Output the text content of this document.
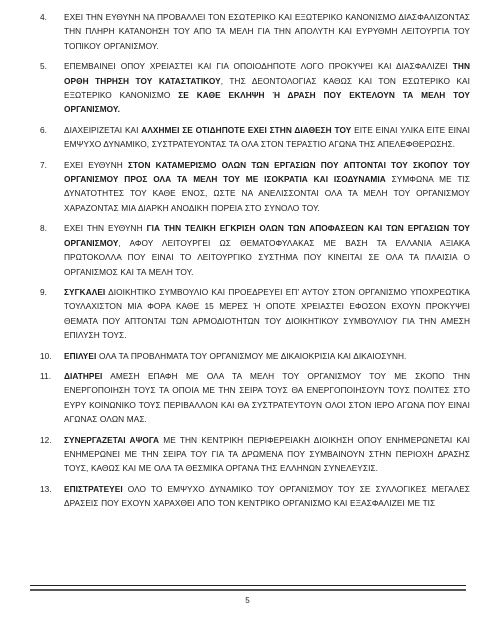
4.	ΕΧΕΙ ΤΗΝ ΕΥΘΥΝΗ ΝΑ ΠΡΟΒΑΛΛΕΙ ΤΟΝ ΕΣΩΤΕΡΙΚΟ ΚΑΙ ΕΞΩΤΕΡΙΚΟ ΚΑΝΟΝΙΣΜΟ ΔΙΑΣΦΑΛΙΖΟΝΤΑΣ ΤΗΝ ΠΛΗΡΗ ΚΑΤΑΝΟΗΣΗ ΤΟΥ ΑΠΟ ΤΑ ΜΕΛΗ ΓΙΑ ΤΗΝ ΑΠΟΛΥΤΗ ΚΑΙ ΕΥΡΥΘΜΗ ΛΕΙΤΟΥΡΓΙΑ ΤΟΥ ΤΟΠΙΚΟΥ ΟΡΓΑΝΙΣΜΟΥ.
5.	ΕΠΕΜΒΑΙΝΕΙ ΟΠΟΥ ΧΡΕΙΑΣΤΕΙ ΚΑΙ ΓΙΑ ΟΠΟΙΟΔΗΠΟΤΕ ΛΟΓΟ ΠΡΟΚΥΨΕΙ ΚΑΙ ΔΙΑΣΦΑΛΙΖΕΙ ΤΗΝ ΟΡΘΗ ΤΗΡΗΣΗ ΤΟΥ ΚΑΤΑΣΤΑΤΙΚΟΥ, ΤΗΣ ΔΕΟΝΤΟΛΟΓΙΑΣ ΚΑΘΩΣ ΚΑΙ ΤΟΝ ΕΣΩΤΕΡΙΚΟ ΚΑΙ ΕΞΩΤΕΡΙΚΟ ΚΑΝΟΝΙΣΜΟ ΣΕ ΚΑΘΕ ΕΚΛΗΨΗ Ή ΔΡΑΣΗ ΠΟΥ ΕΚΤΕΛΟΥΝ ΤΑ ΜΕΛΗ ΤΟΥ ΟΡΓΑΝΙΣΜΟΥ.
6.	ΔΙΑΧΕΙΡΙΖΕΤΑΙ ΚΑΙ ΑΛΧΗΜΕΙ ΣΕ ΟΤΙΔΗΠΟΤΕ ΕΧΕΙ ΣΤΗΝ ΔΙΑΘΕΣΗ ΤΟΥ ΕΙΤΕ ΕΙΝΑΙ ΥΛΙΚΑ ΕΙΤΕ ΕΙΝΑΙ ΕΜΨΥΧΟ ΔΥΝΑΜΙΚΟ, ΣΥΣΤΡΑΤΕΥΟΝΤΑΣ ΤΑ ΟΛΑ ΣΤΟΝ ΤΕΡΑΣΤΙΟ ΑΓΩΝΑ ΤΗΣ ΑΠΕΛΕΦΘΕΡΩΣΗΣ.
7.	ΕΧΕΙ ΕΥΘΥΝΗ ΣΤΟΝ ΚΑΤΑΜΕΡΙΣΜΟ ΟΛΩΝ ΤΩΝ ΕΡΓΑΣΙΩΝ ΠΟΥ ΑΠΤΟΝΤΑΙ ΤΟΥ ΣΚΟΠΟΥ ΤΟΥ ΟΡΓΑΝΙΣΜΟΥ ΠΡΟΣ ΟΛΑ ΤΑ ΜΕΛΗ ΤΟΥ ΜΕ ΙΣΟΚΡΑΤΙΑ ΚΑΙ ΙΣΟΔΥΝΑΜΙΑ ΣΥΜΦΩΝΑ ΜΕ ΤΙΣ ΔΥΝΑΤΟΤΗΤΕΣ ΤΟΥ ΚΑΘΕ ΕΝΟΣ, ΩΣΤΕ ΝΑ ΑΝΕΛΙΣΣΟΝΤΑΙ ΟΛΑ ΤΑ ΜΕΛΗ ΤΟΥ ΟΡΓΑΝΙΣΜΟΥ ΧΑΡΑΖΟΝΤΑΣ ΜΙΑ ΔΙΑΡΚΗ ΑΝΟΔΙΚΗ ΠΟΡΕΙΑ ΣΤΟ ΣΥΝΟΛΟ ΤΟΥ.
8.	ΕΧΕΙ ΤΗΝ ΕΥΘΥΝΗ ΓΙΑ ΤΗΝ ΤΕΛΙΚΗ ΕΓΚΡΙΣΗ ΟΛΩΝ ΤΩΝ ΑΠΟΦΑΣΕΩΝ ΚΑΙ ΤΩΝ ΕΡΓΑΣΙΩΝ ΤΟΥ ΟΡΓΑΝΙΣΜΟΥ, ΑΦΟΥ ΛΕΙΤΟΥΡΓΕΙ ΩΣ ΘΕΜΑΤΟΦΥΛΑΚΑΣ ΜΕ ΒΑΣΗ ΤΑ ΕΛΛΑΝΙΑ ΑΞΙΑΚΑ ΠΡΩΤΟΚΟΛΛΑ ΠΟΥ ΕΙΝΑΙ ΤΟ ΛΕΙΤΟΥΡΓΙΚΟ ΣΥΣΤΗΜΑ ΠΟΥ ΚΙΝΕΙΤΑΙ ΣΕ ΟΛΑ ΤΑ ΠΛΑΙΣΙΑ Ο ΟΡΓΑΝΙΣΜΟΣ ΚΑΙ ΤΑ ΜΕΛΗ ΤΟΥ.
9.	ΣΥΓΚΑΛΕΙ ΔΙΟΙΚΗΤΙΚΟ ΣΥΜΒΟΥΛΙΟ ΚΑΙ ΠΡΟΕΔΡΕΥΕΙ ΕΠ’ ΑΥΤΟΥ ΣΤΟΝ ΟΡΓΑΝΙΣΜΟ ΥΠΟΧΡΕΩΤΙΚΑ ΤΟΥΛΑΧΙΣΤΟΝ ΜΙΑ ΦΟΡΑ ΚΑΘΕ 15 ΜΕΡΕΣ Ή ΟΠΟΤΕ ΧΡΕΙΑΣΤΕΙ ΕΦΟΣΟΝ ΕΧΟΥΝ ΠΡΟΚΥΨΕΙ ΘΕΜΑΤΑ ΠΟΥ ΑΠΤΟΝΤΑΙ ΤΩΝ ΑΡΜΟΔΙΟΤΗΤΩΝ ΤΟΥ ΔΙΟΙΚΗΤΙΚΟΥ ΣΥΜΒΟΥΛΙΟΥ ΓΙΑ ΤΗΝ ΑΜΕΣΗ ΕΠΙΛΥΣΗ ΤΟΥΣ.
10.	ΕΠΙΛΥΕΙ ΟΛΑ ΤΑ ΠΡΟΒΛΗΜΑΤΑ ΤΟΥ ΟΡΓΑΝΙΣΜΟΥ ΜΕ ΔΙΚΑΙΟΚΡΙΣΙΑ ΚΑΙ ΔΙΚΑΙΟΣΥΝΗ.
11.	ΔΙΑΤΗΡΕΙ ΑΜΕΣΗ ΕΠΑΦΗ ΜΕ ΟΛΑ ΤΑ ΜΕΛΗ ΤΟΥ ΟΡΓΑΝΙΣΜΟΥ ΤΟΥ ΜΕ ΣΚΟΠΟ ΤΗΝ ΕΝΕΡΓΟΠΟΙΗΣΗ ΤΟΥΣ ΤΑ ΟΠΟΙΑ ΜΕ ΤΗΝ ΣΕΙΡΑ ΤΟΥΣ ΘΑ ΕΝΕΡΓΟΠΟΙΗΣΟΥΝ ΤΟΥΣ ΠΟΛΙΤΕΣ ΣΤΟ ΕΥΡΥ ΚΟΙΝΩΝΙΚΟ ΤΟΥΣ ΠΕΡΙΒΑΛΛΟΝ ΚΑΙ ΘΑ ΣΥΣΤΡΑΤΕΥΤΟΥΝ ΟΛΟΙ ΣΤΟΝ ΙΕΡΟ ΑΓΩΝΑ ΠΟΥ ΕΙΝΑΙ ΑΓΩΝΑΣ ΟΛΩΝ ΜΑΣ.
12.	ΣΥΝΕΡΓΑΖΕΤΑΙ ΑΨΟΓΑ ΜΕ ΤΗΝ ΚΕΝΤΡΙΚΗ ΠΕΡΙΦΕΡΕΙΑΚΗ ΔΙΟΙΚΗΣΗ ΟΠΟΥ ΕΝΗΜΕΡΩΝΕΤΑΙ ΚΑΙ ΕΝΗΜΕΡΩΝΕΙ ΜΕ ΤΗΝ ΣΕΙΡΑ ΤΟΥ ΓΙΑ ΤΑ ΔΡΩΜΕΝΑ ΠΟΥ ΣΥΜΒΑΙΝΟΥΝ ΣΤΗΝ ΠΕΡΙΟΧΗ ΔΡΑΣΗΣ ΤΟΥΣ, ΚΑΘΩΣ ΚΑΙ ΜΕ ΟΛΑ ΤΑ ΘΕΣΜΙΚΑ ΟΡΓΑΝΑ ΤΗΣ ΕΛΛΗΝΩΝ ΣΥΝΕΛΕΥΣΙΣ.
13.	ΕΠΙΣΤΡΑΤΕΥΕΙ ΟΛΟ ΤΟ ΕΜΨΥΧΟ ΔΥΝΑΜΙΚΟ ΤΟΥ ΟΡΓΑΝΙΣΜΟΥ ΤΟΥ ΣΕ ΣΥΛΛΟΓΙΚΕΣ ΜΕΓΑΛΕΣ ΔΡΑΣΕΙΣ ΠΟΥ ΕΧΟΥΝ ΧΑΡΑΧΘΕΙ ΑΠΟ ΤΟΝ ΚΕΝΤΡΙΚΟ ΟΡΓΑΝΙΣΜΟ ΚΑΙ ΕΞΑΣΦΑΛΙΖΕΙ ΜΕ ΤΙΣ
5
